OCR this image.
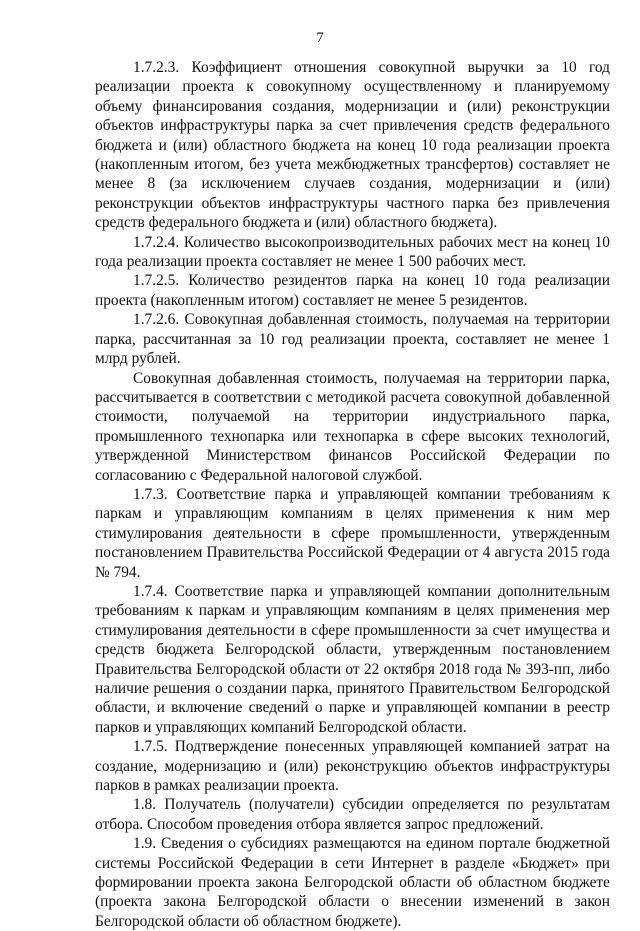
7

1.7.2.3. Коэффициент отношения совокупной выручки за 10 год реализации проекта к совокупному осуществленному и планируемому объему финансирования создания, модернизации и (или) реконструкции объектов инфраструктуры парка за счет привлечения средств федерального бюджета и (или) областного бюджета на конец 10 года реализации проекта (накопленным итогом, без учета межбюджетных трансфертов) составляет не менее 8 (за исключением случаев создания, модернизации и (или) реконструкции объектов инфраструктуры частного парка без привлечения средств федерального бюджета и (или) областного бюджета).

1.7.2.4. Количество высокопроизводительных рабочих мест на конец 10 года реализации проекта составляет не менее 1 500 рабочих мест.

1.7.2.5. Количество резидентов парка на конец 10 года реализации проекта (накопленным итогом) составляет не менее 5 резидентов.

1.7.2.6. Совокупная добавленная стоимость, получаемая на территории парка, рассчитанная за 10 год реализации проекта, составляет не менее 1 млрд рублей.

Совокупная добавленная стоимость, получаемая на территории парка, рассчитывается в соответствии с методикой расчета совокупной добавленной стоимости, получаемой на территории индустриального парка, промышленного технопарка или технопарка в сфере высоких технологий, утвержденной Министерством финансов Российской Федерации по согласованию с Федеральной налоговой службой.

1.7.3. Соответствие парка и управляющей компании требованиям к паркам и управляющим компаниям в целях применения к ним мер стимулирования деятельности в сфере промышленности, утвержденным постановлением Правительства Российской Федерации от 4 августа 2015 года № 794.

1.7.4. Соответствие парка и управляющей компании дополнительным требованиям к паркам и управляющим компаниям в целях применения мер стимулирования деятельности в сфере промышленности за счет имущества и средств бюджета Белгородской области, утвержденным постановлением Правительства Белгородской области от 22 октября 2018 года № 393-пп, либо наличие решения о создании парка, принятого Правительством Белгородской области, и включение сведений о парке и управляющей компании в реестр парков и управляющих компаний Белгородской области.

1.7.5. Подтверждение понесенных управляющей компанией затрат на создание, модернизацию и (или) реконструкцию объектов инфраструктуры парков в рамках реализации проекта.

1.8. Получатель (получатели) субсидии определяется по результатам отбора. Способом проведения отбора является запрос предложений.

1.9. Сведения о субсидиях размещаются на едином портале бюджетной системы Российской Федерации в сети Интернет в разделе «Бюджет» при формировании проекта закона Белгородской области об областном бюджете (проекта закона Белгородской области о внесении изменений в закон Белгородской области об областном бюджете).
